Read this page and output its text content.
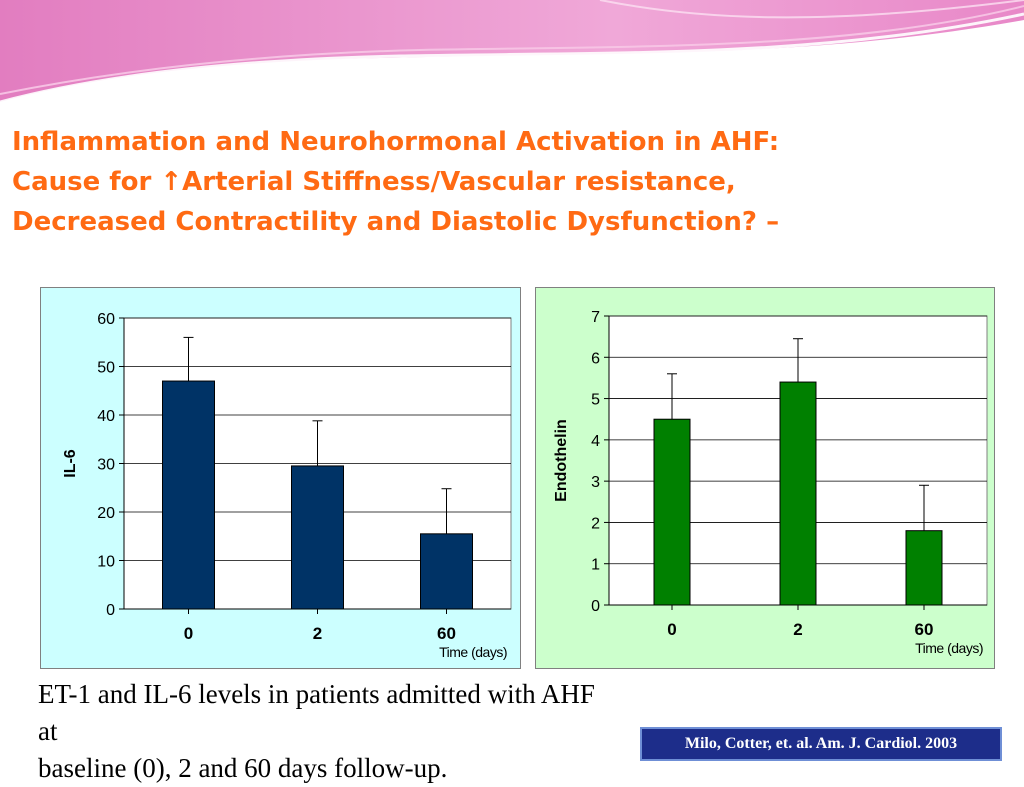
Inflammation and Neurohormonal Activation in AHF:
Cause for ↑Arterial Stiffness/Vascular resistance,
Decreased Contractility and Diastolic Dysfunction? –
0
10
20
30
40
50
60
0	2	60
Time (days)
IL-6
0
1
2
3
4
5
6
7
0	2	60
Time (days)
Endothelin

ET-1 and IL-6 levels in patients admitted with AHF at
baseline (0), 2 and 60 days follow-up.

Milo, Cotter, et. al. Am. J. Cardiol. 2003
